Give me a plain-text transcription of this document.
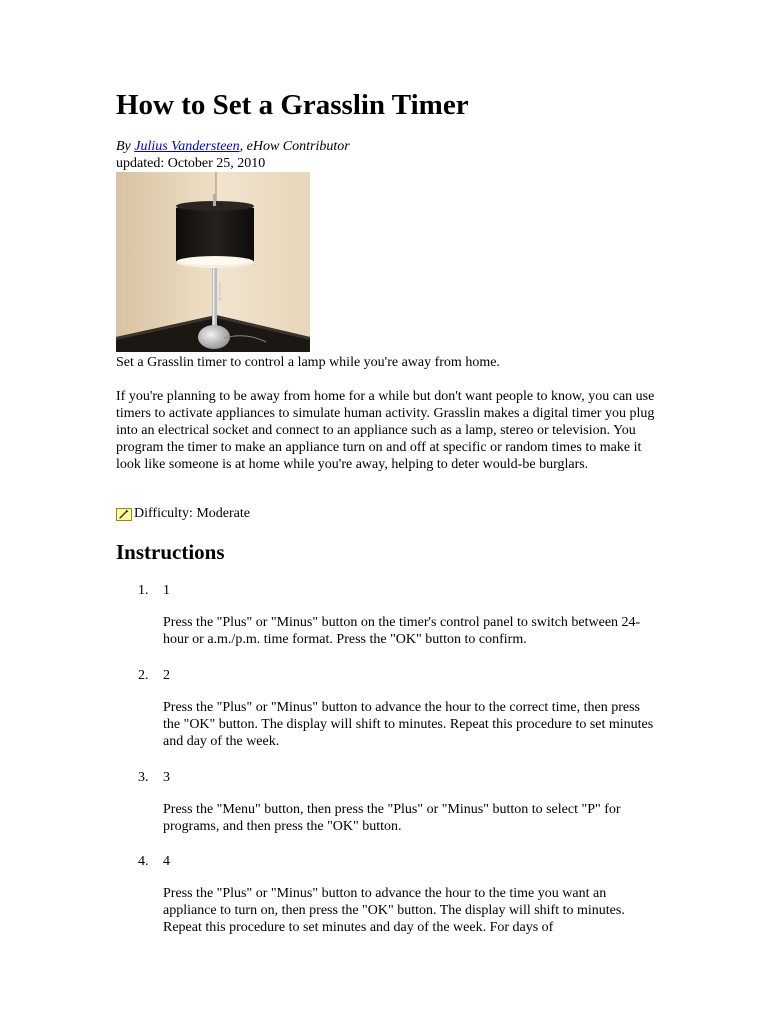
How to Set a Grasslin Timer
By Julius Vandersteen, eHow Contributor
updated: October 25, 2010
Set a Grasslin timer to control a lamp while you're away from home.

If you're planning to be away from home for a while but don't want people to know, you can use timers to activate appliances to simulate human activity. Grasslin makes a digital timer you plug into an electrical socket and connect to an appliance such as a lamp, stereo or television. You program the timer to make an appliance turn on and off at specific or random times to make it look like someone is at home while you're away, helping to deter would-be burglars.

Difficulty:
Moderate
Instructions
1. 1
Press the "Plus" or "Minus" button on the timer's control panel to switch between 24-hour or a.m./p.m. time format. Press the "OK" button to confirm.
2. 2
Press the "Plus" or "Minus" button to advance the hour to the correct time, then press the "OK" button. The display will shift to minutes. Repeat this procedure to set minutes and day of the week.
3. 3
Press the "Menu" button, then press the "Plus" or "Minus" button to select "P" for programs, and then press the "OK" button.
4. 4
Press the "Plus" or "Minus" button to advance the hour to the time you want an appliance to turn on, then press the "OK" button. The display will shift to minutes. Repeat this procedure to set minutes and day of the week. For days of
